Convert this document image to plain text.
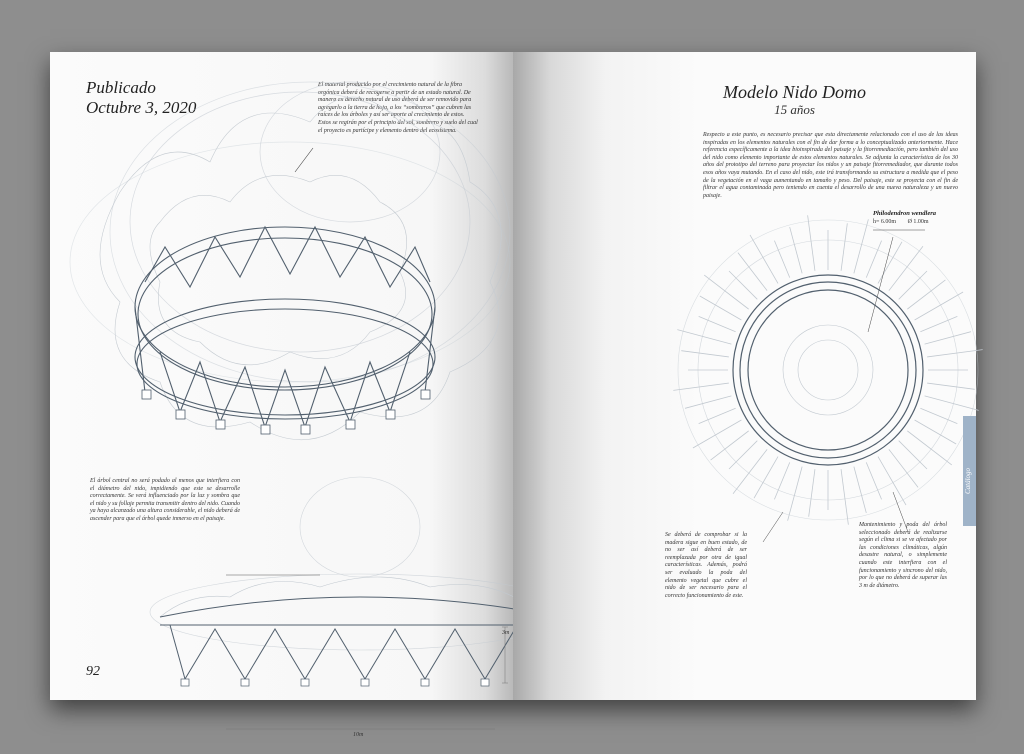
Publicado
Octubre 3, 2020
El material producido por el crecimiento natural de la fibra orgánica deberá de recogerse a partir de un estado natural. De manera en derecho natural de uso deberá de ser removido para agregarlo a la tierra de hoja, a los “sombreros” que cubren las raíces de los árboles y así ser aporte al crecimiento de estos. Estos se regirán por el principio del sol, sombrero y suelo del cual el proyecto es partícipe y elemento dentro del ecosistema.
El árbol central no será podado al menos que interfiera con el diámetro del nido, impidiendo que este se desarrolle correctamente. Se verá influenciado por la luz y sombra que el nido y su follaje permita transmitir dentro del nido. Cuando ya haya alcanzado una altura considerable, el nido deberá de ascender para que el árbol quede inmerso en el paisaje.
3m
10m
92
Modelo Nido Domo
15 años
Respecto a este punto, es necesario precisar que esta directamente relacionado con el uso de las ideas inspiradas en los elementos naturales con el fin de dar forma a lo conceptualizado anteriormente. Hace referencia específicamente a la idea bioinspirada del paisaje y la fitorremediación, pero también del uso del nido como elemento importante de estos elementos naturales. Se adjunta la característica de los 30 años del prototipo del terreno para proyectar los nidos y un paisaje fitorremediador, que durante todos esos años vaya mutando. En el caso del nido, este irá transformando su estructura a medida que el peso de la vegetación en el vaga aumentando en tamaño y peso. Del paisaje, este se proyecta con el fin de filtrar el agua contaminada pero teniendo en cuenta el desarrollo de una nueva naturaleza y un nuevo paisaje.
Philodendron wendlera
h= 6.00m Ø 1.00m
Se deberá de comprobar si la madera sigue en buen estado, de no ser así deberá de ser reemplazada por otra de igual características. Además, podrá ser evaluado la poda del elemento vegetal que cubre el nido de ser necesario para el correcto funcionamiento de este.
Mantenimiento y poda del árbol seleccionado deberá de realizarse según el clima si se ve afectado por las condiciones climáticas, algún desastre natural, o simplemente cuando este interfiera con el funcionamiento y sincrono del nido, por lo que no deberá de superar las 3 m de diámetro.
Catálogo
